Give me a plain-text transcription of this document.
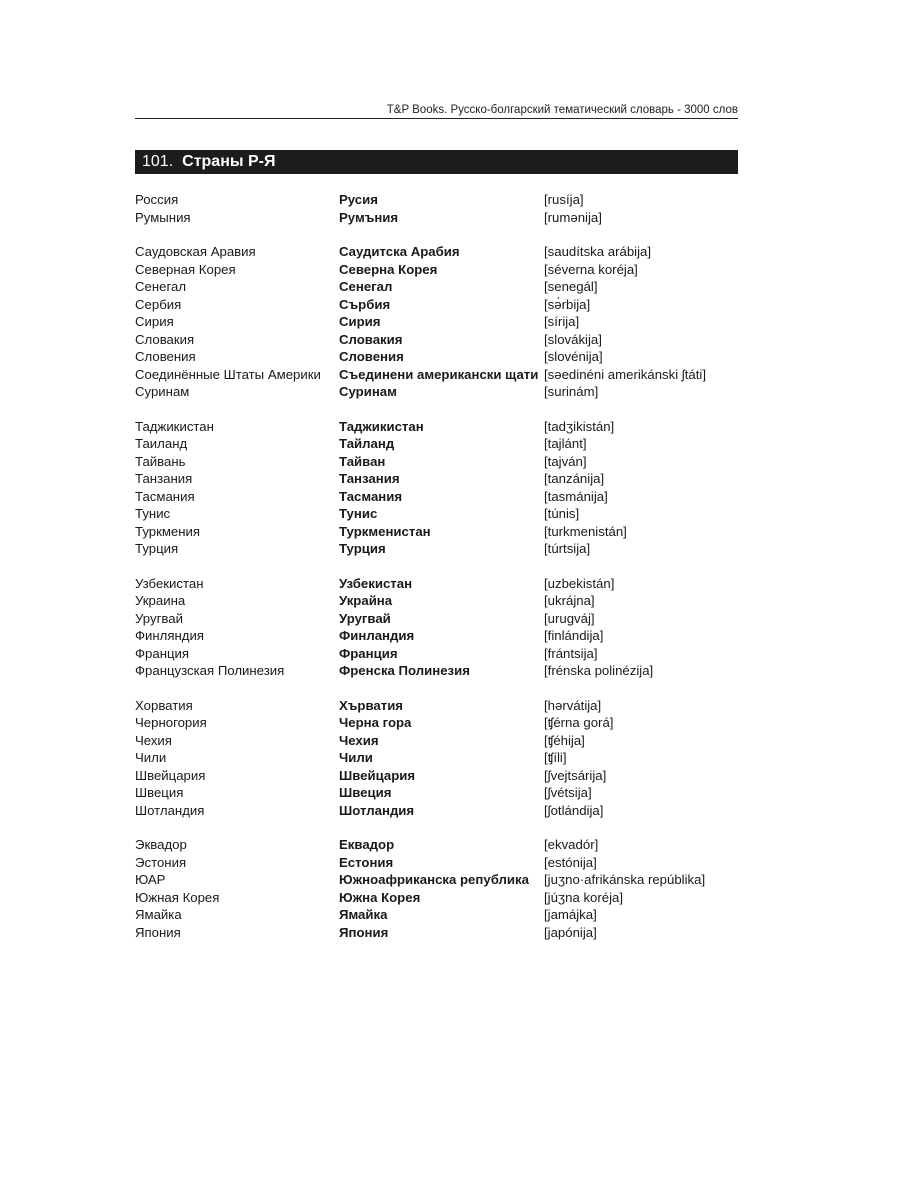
T&P Books. Русско-болгарский тематический словарь - 3000 слов
101. Страны Р-Я
Россия	Русия	[rusíja]
Румыния	Румъния	[rumənija]
Саудовская Аравия	Саудитска Арабия	[saudítska arábija]
Северная Корея	Северна Корея	[séverna koréja]
Сенегал	Сенегал	[senegál]
Сербия	Сърбия	[sə́rbija]
Сирия	Сирия	[sírija]
Словакия	Словакия	[slovákija]
Словения	Словения	[slovénija]
Соединённые Штаты Америки	Съединени американски щати [səedinéni amerikánski ʃtáti]
Суринам	Суринам	[surinám]
Таджикистан	Таджикистан	[tadʒikistán]
Таиланд	Тайланд	[tajlánt]
Тайвань	Тайван	[tajván]
Танзания	Танзания	[tanzánija]
Тасмания	Тасмания	[tasmánija]
Тунис	Тунис	[túnis]
Туркмения	Туркменистан	[turkmenistán]
Турция	Турция	[túrtsija]
Узбекистан	Узбекистан	[uzbekistán]
Украина	Украйна	[ukrájna]
Уругвай	Уругвай	[urugváj]
Финляндия	Финландия	[finlándija]
Франция	Франция	[frántsija]
Французская Полинезия	Френска Полинезия	[frénska polinézija]
Хорватия	Хърватия	[hərvátija]
Черногория	Черна гора	[ʧérna gorá]
Чехия	Чехия	[ʧéhija]
Чили	Чили	[ʧíli]
Швейцария	Швейцария	[ʃvejtsárija]
Швеция	Швеция	[ʃvétsija]
Шотландия	Шотландия	[ʃotlándija]
Эквадор	Еквадор	[ekvadór]
Эстония	Естония	[estónija]
ЮАР	Южноафриканска република	[juʒno·afrikánska repúblika]
Южная Корея	Южна Корея	[júʒna koréja]
Ямайка	Ямайка	[jamájka]
Япония	Япония	[japónija]
